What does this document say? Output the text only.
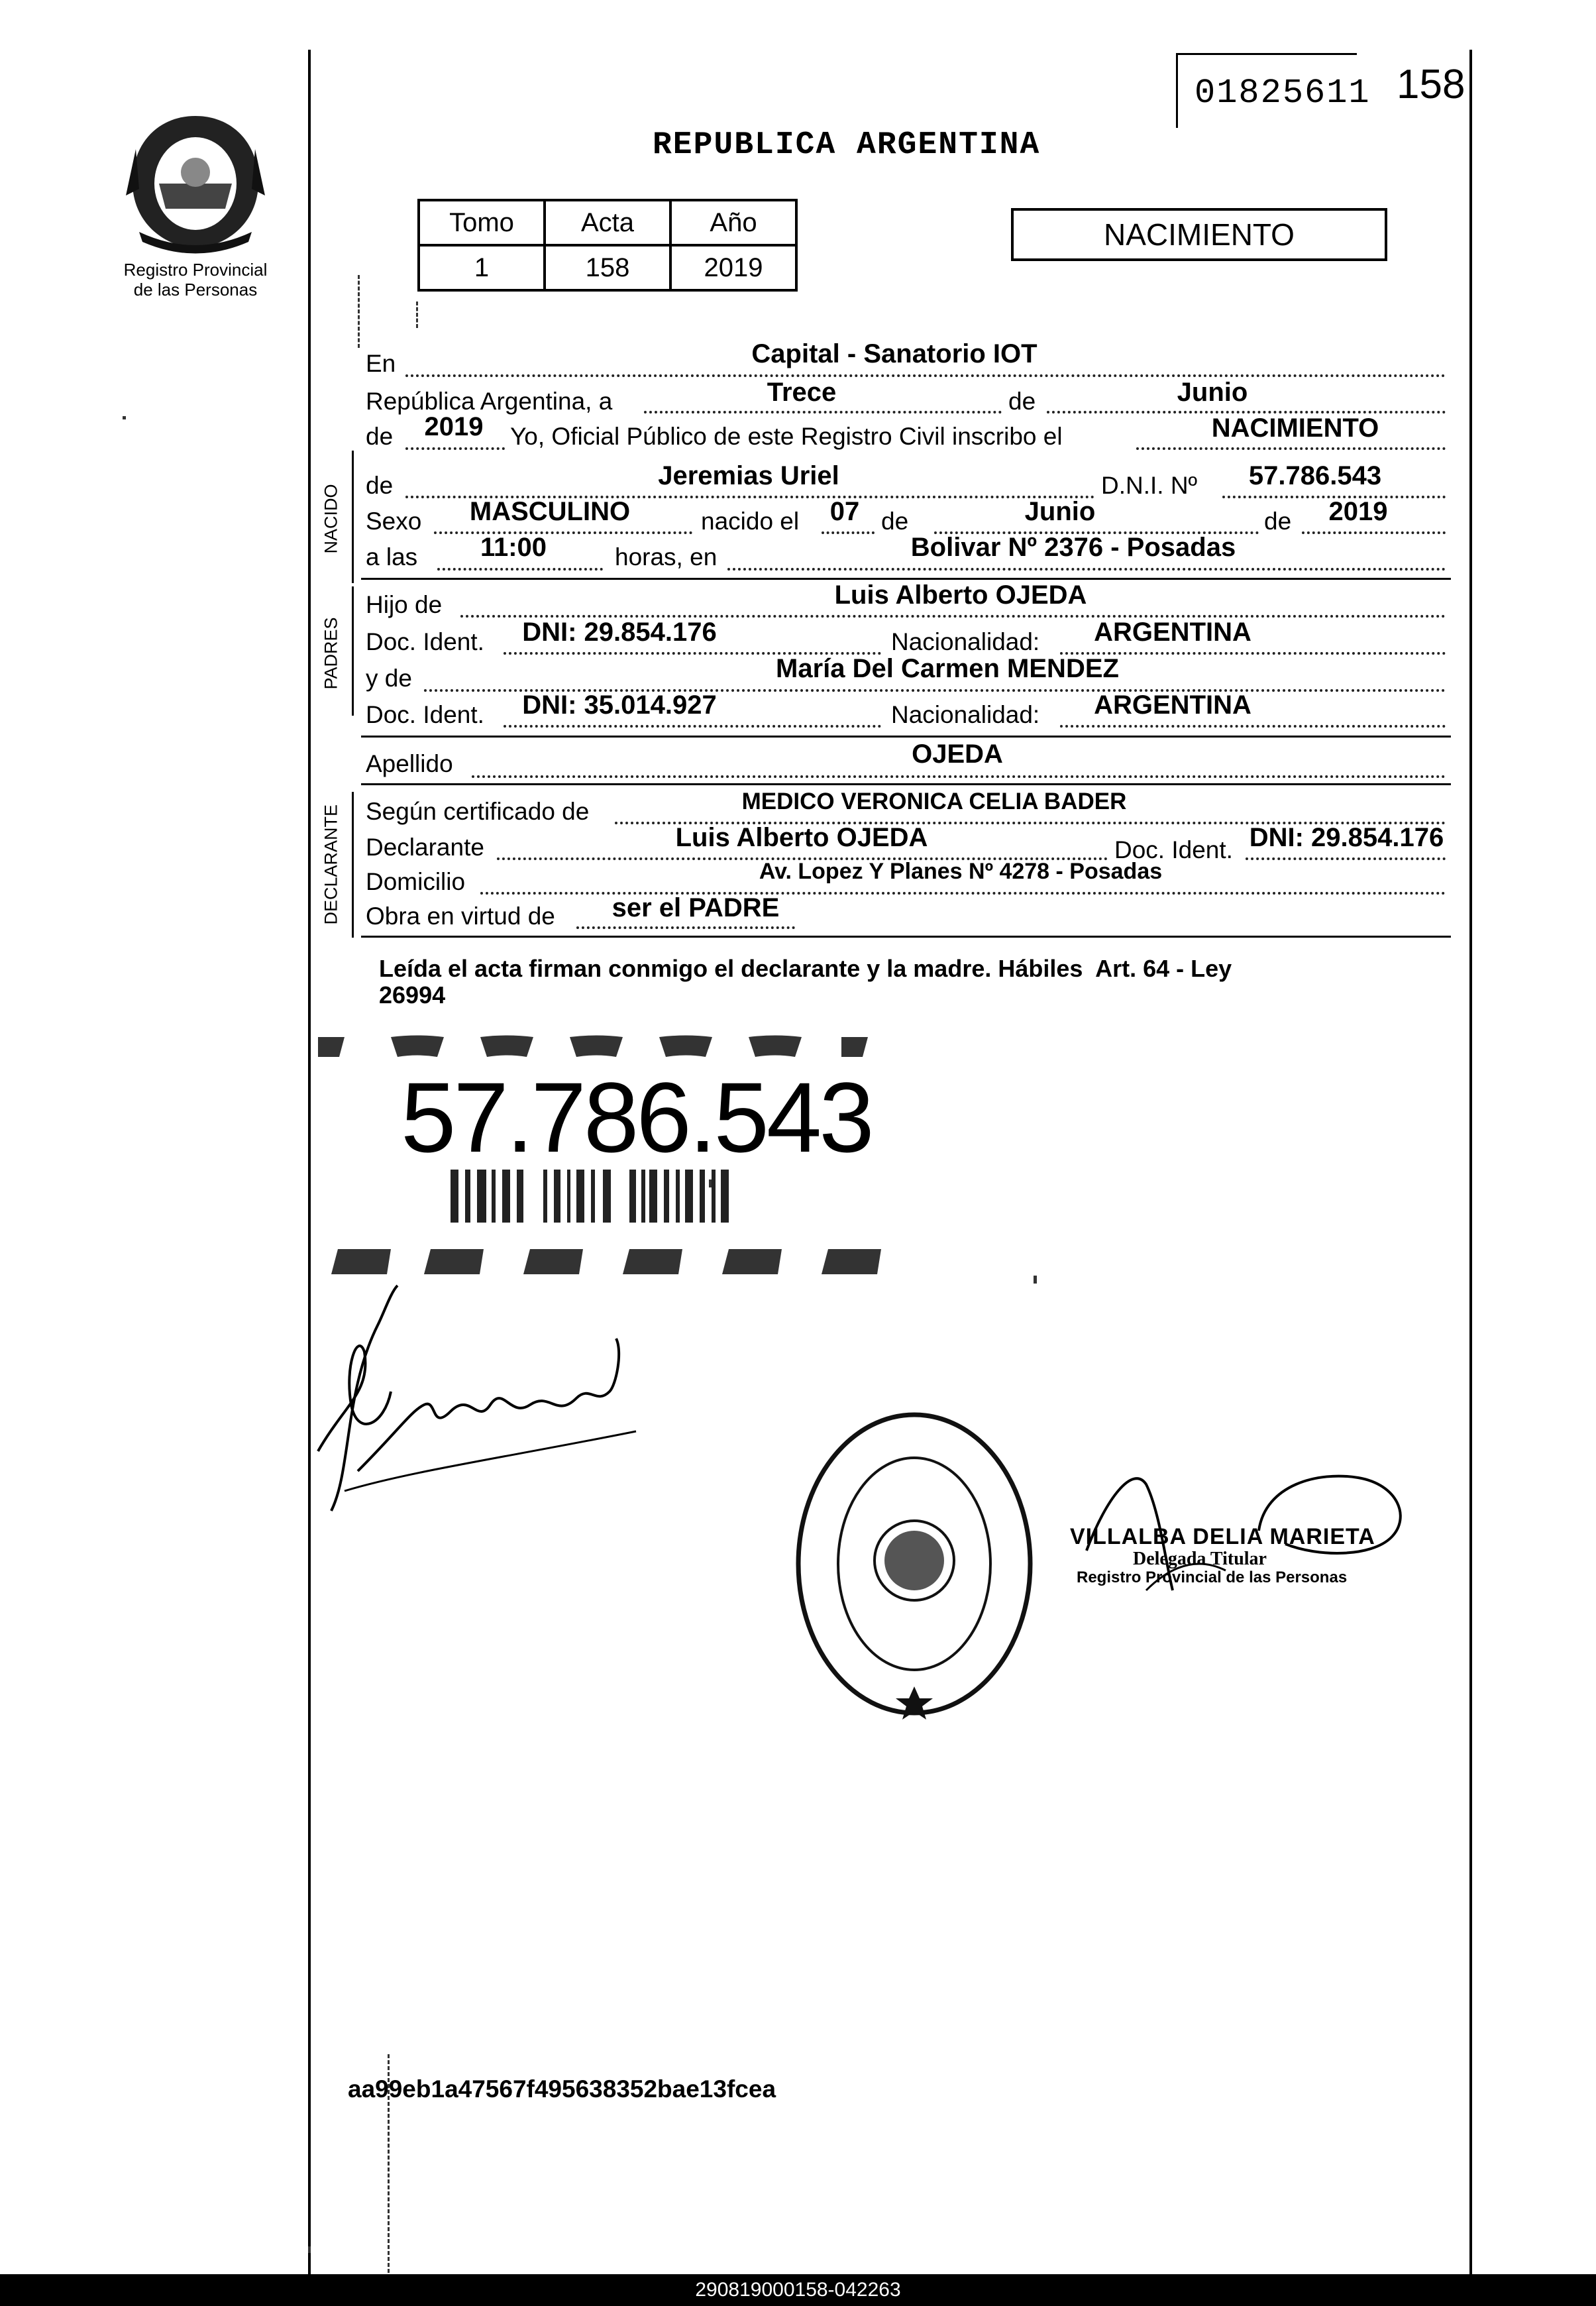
Registro Provincial
de las Personas
01825611 158
REPUBLICA ARGENTINA
Tomo	Acta	Año
1	158	2019
NACIMIENTO
En	Capital - Sanatorio IOT
República Argentina, a	Trece	de	Junio
de 2019 Yo, Oficial Público de este Registro Civil inscribo el	NACIMIENTO
NACIDO de	Jeremias Uriel	D.N.I. Nº	57.786.543
Sexo	MASCULINO	nacido el	07 de	Junio	de	2019
a las	11:00	horas, en	Bolivar Nº 2376 - Posadas
PADRES
Hijo de	Luis Alberto OJEDA
Doc. Ident.	DNI: 29.854.176	Nacionalidad:	ARGENTINA
y de	María Del Carmen MENDEZ
Doc. Ident.	DNI: 35.014.927	Nacionalidad:	ARGENTINA
Apellido	OJEDA
DECLARANTE Según certificado de	MEDICO VERONICA CELIA BADER
Declarante	Luis Alberto OJEDA	Doc. Ident. DNI: 29.854.176
Domicilio	Av. Lopez Y Planes Nº 4278 - Posadas
Obra en virtud de	ser el PADRE
Leída el acta firman conmigo el declarante y la madre. Hábiles  Art. 64 - Ley
26994
57.786.543
VILLALBA DELIA MARIETA
Delegada Titular
Registro Provincial de las Personas
aa99eb1a47567f495638352bae13fcea
290819000158-042263
